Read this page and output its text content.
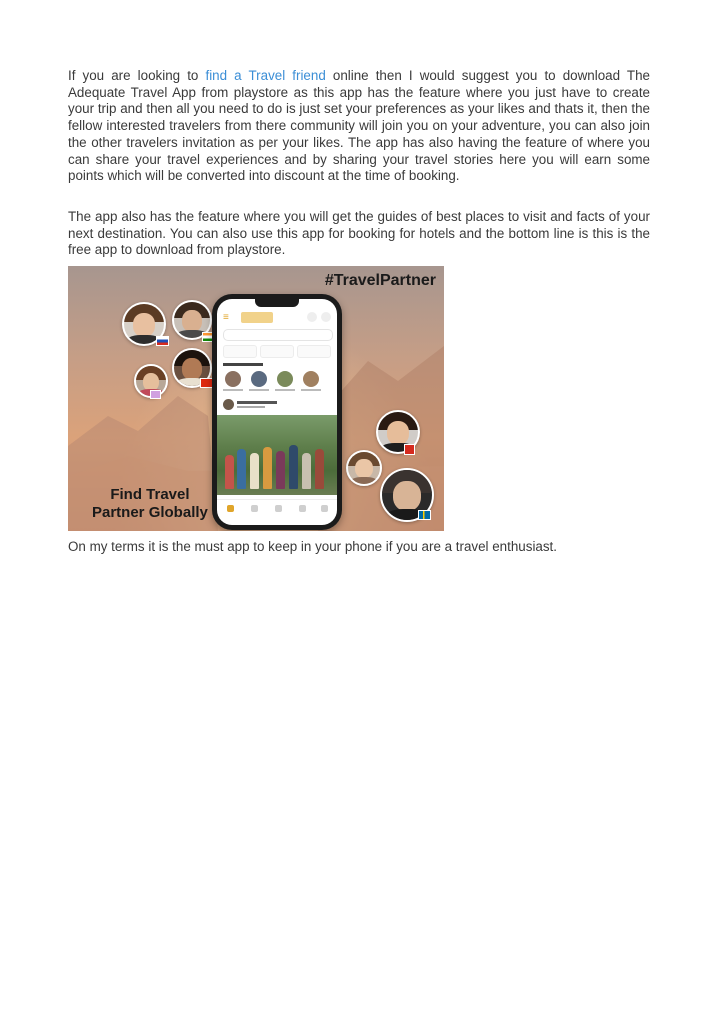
If you are looking to find a Travel friend online then I would suggest you to download The Adequate Travel App from playstore as this app has the feature where you just have to create your trip and then all you need to do is just set your preferences as your likes and thats it, then the fellow interested travelers from there community will join you on your adventure, you can also join the other travelers invitation as per your likes. The app has also having the feature of where you can share your travel experiences and by sharing your travel stories here you will earn some points which will be converted into discount at the time of booking.

The app also has the feature where you will get the guides of best places to visit and facts of your next destination. You can also use this app for booking for hotels and the bottom line is this is the free app to download from playstore.

#TravelPartner
Find Travel
Partner Globally
≡

On my terms it is the must app to keep in your phone if you are a travel enthusiast.
